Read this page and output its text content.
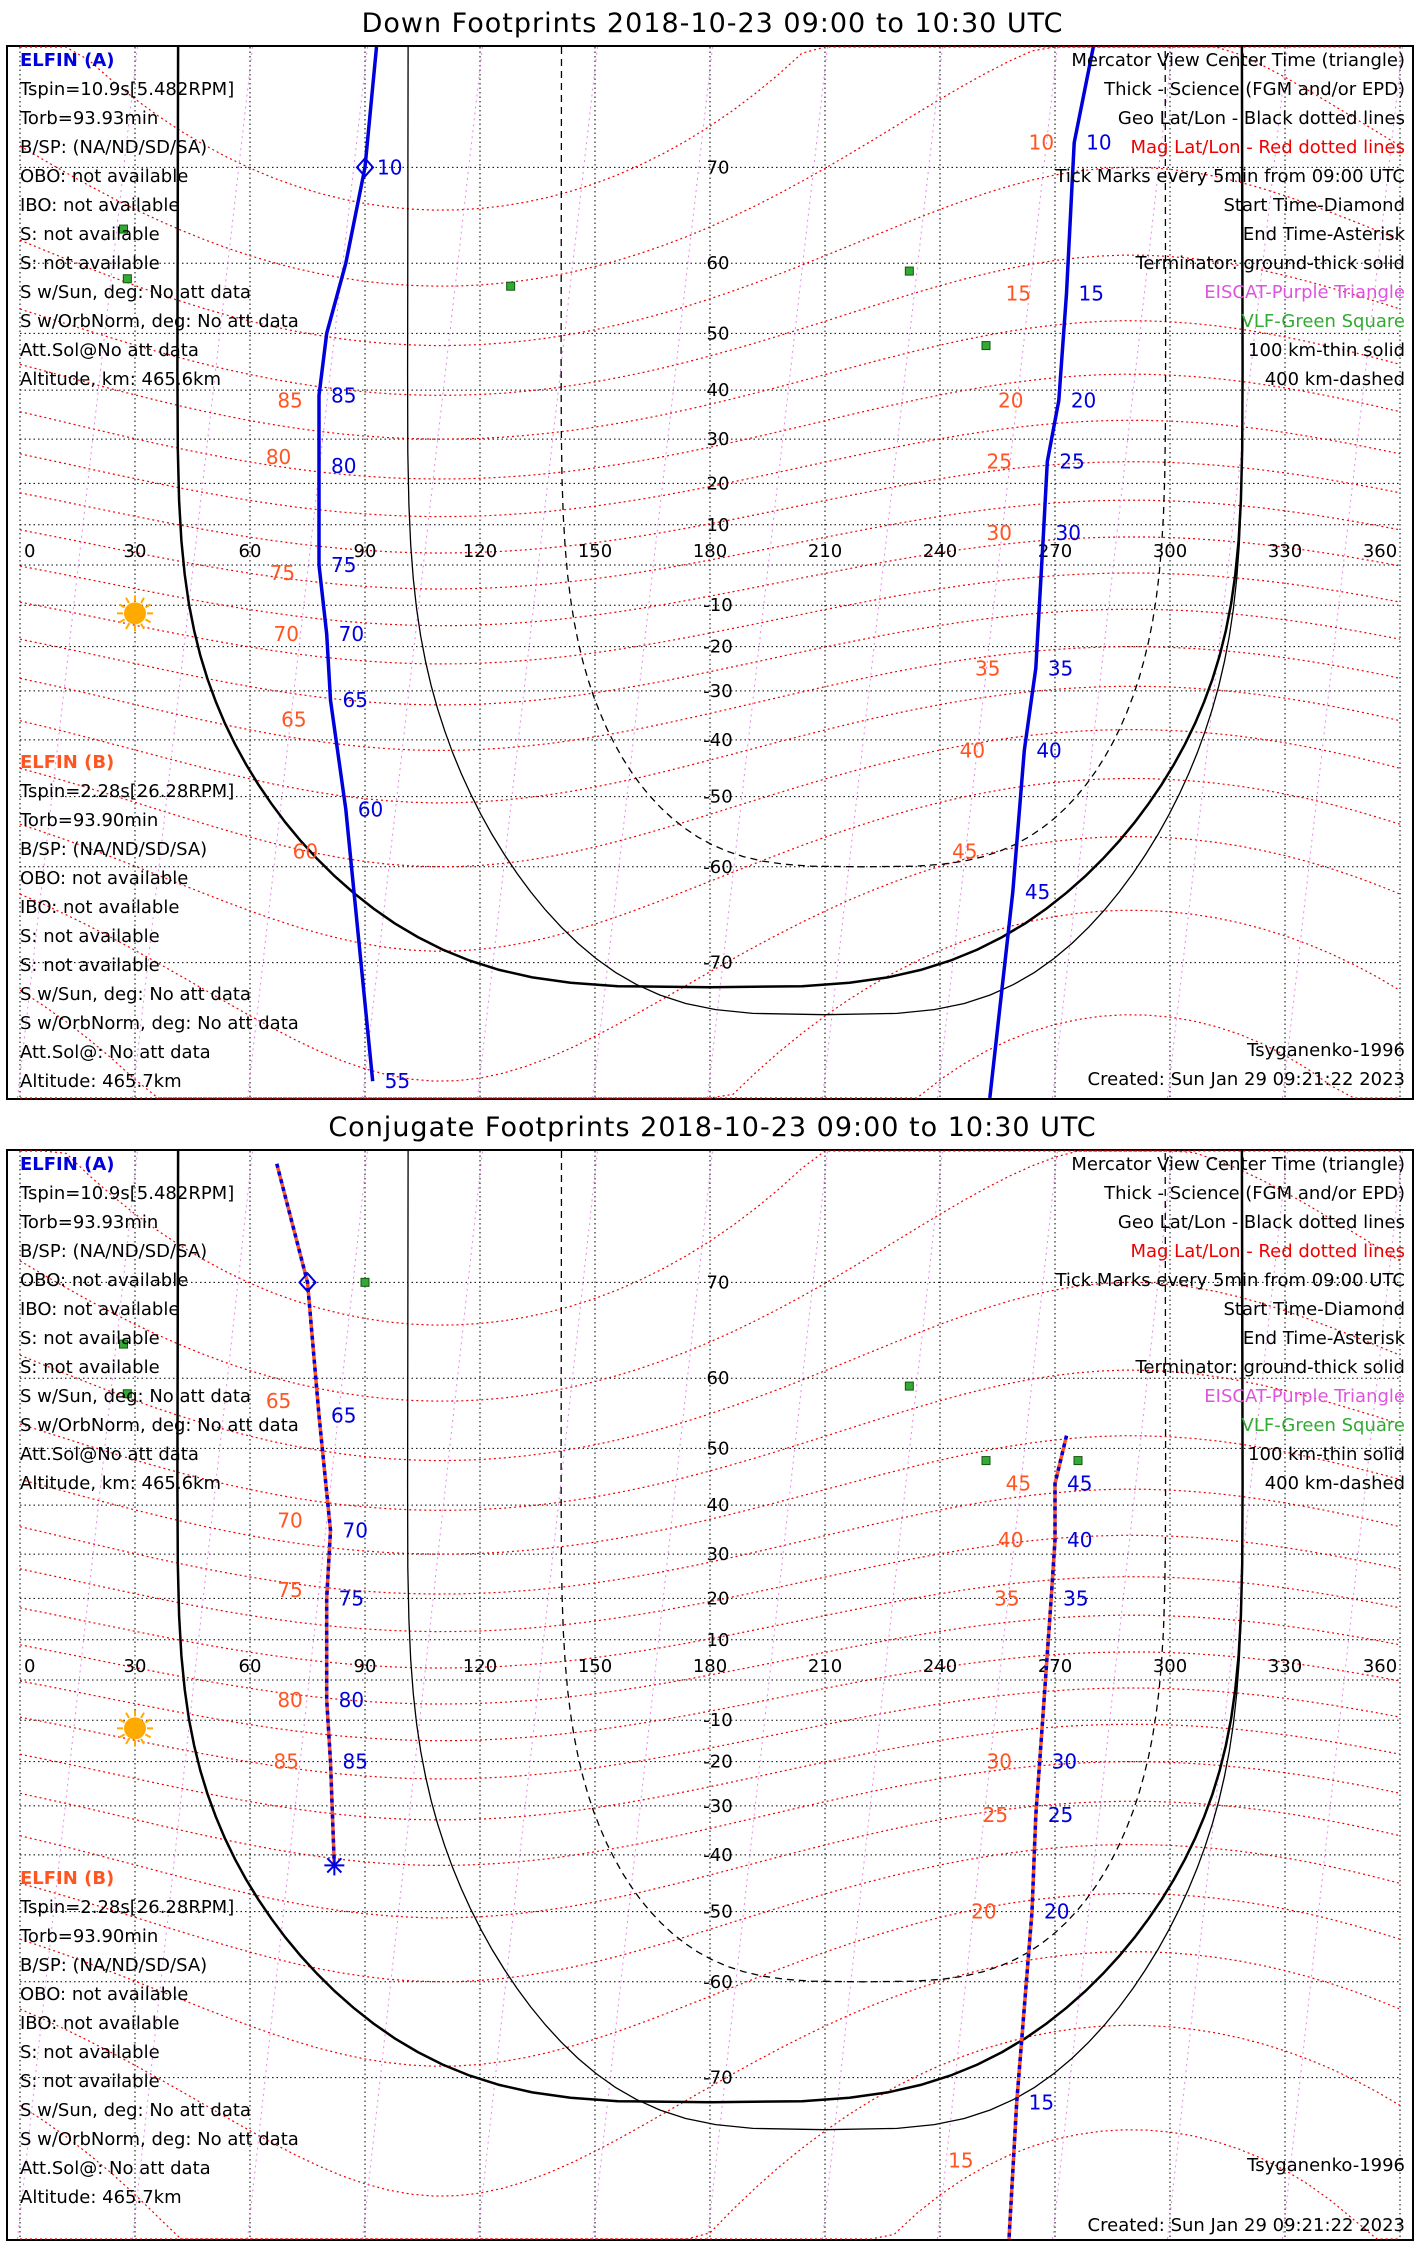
Down Footprints 2018-10-23 09:00 to 10:30 UTC
Conjugate Footprints 2018-10-23 09:00 to 10:30 UTC
0	30	60	90	120	150	180	210	240	270	300	330	360
70
60
50
40
30
20
10
-10
-20
-30
-40
-50
-60
-70
10
85
80
75
70
65
60
55
10
15
20
25
30
35
40
45
85
80
75
70
65
60
10
15
20
25
30
35
40
45
0	30	60	90	120	150	180	210	240	270	300	330	360
70
60
50
40
30
20
10
-10
-20
-30
-40
-50
-60
-70
65
70
75
80
85
45
40
35
30
25
20
15
65
70
75
80
85
45
40
35
30
25
20
15
ELFIN (A)
Tspin=10.9s[5.482RPM]
Torb=93.93min
B/SP: (NA/ND/SD/SA)
OBO: not available
IBO: not available
S: not available
S: not available
S w/Sun, deg: No att data
S w/OrbNorm, deg: No att data
Att.Sol@No att data
Altitude, km: 465.6km
ELFIN (B)
Tspin=2.28s[26.28RPM]
Torb=93.90min
B/SP: (NA/ND/SD/SA)
OBO: not available
IBO: not available
S: not available
S: not available
S w/Sun, deg: No att data
S w/OrbNorm, deg: No att data
Att.Sol@: No att data
Altitude: 465.7km
Mercator View Center Time (triangle)
Thick - Science (FGM and/or EPD)
Geo Lat/Lon - Black dotted lines
Mag Lat/Lon - Red dotted lines
Tick Marks every 5min from 09:00 UTC
Start Time-Diamond
End Time-Asterisk
Terminator: ground-thick solid
EISCAT-Purple Triangle
VLF-Green Square
100 km-thin solid
400 km-dashed
Tsyganenko-1996
Created: Sun Jan 29 09:21:22 2023
ELFIN (A)
Tspin=10.9s[5.482RPM]
Torb=93.93min
B/SP: (NA/ND/SD/SA)
OBO: not available
IBO: not available
S: not available
S: not available
S w/Sun, deg: No att data
S w/OrbNorm, deg: No att data
Att.Sol@No att data
Altitude, km: 465.6km
ELFIN (B)
Tspin=2.28s[26.28RPM]
Torb=93.90min
B/SP: (NA/ND/SD/SA)
OBO: not available
IBO: not available
S: not available
S: not available
S w/Sun, deg: No att data
S w/OrbNorm, deg: No att data
Att.Sol@: No att data
Altitude: 465.7km
Mercator View Center Time (triangle)
Thick - Science (FGM and/or EPD)
Geo Lat/Lon - Black dotted lines
Mag Lat/Lon - Red dotted lines
Tick Marks every 5min from 09:00 UTC
Start Time-Diamond
End Time-Asterisk
Terminator: ground-thick solid
EISCAT-Purple Triangle
VLF-Green Square
100 km-thin solid
400 km-dashed
Tsyganenko-1996
Created: Sun Jan 29 09:21:22 2023
